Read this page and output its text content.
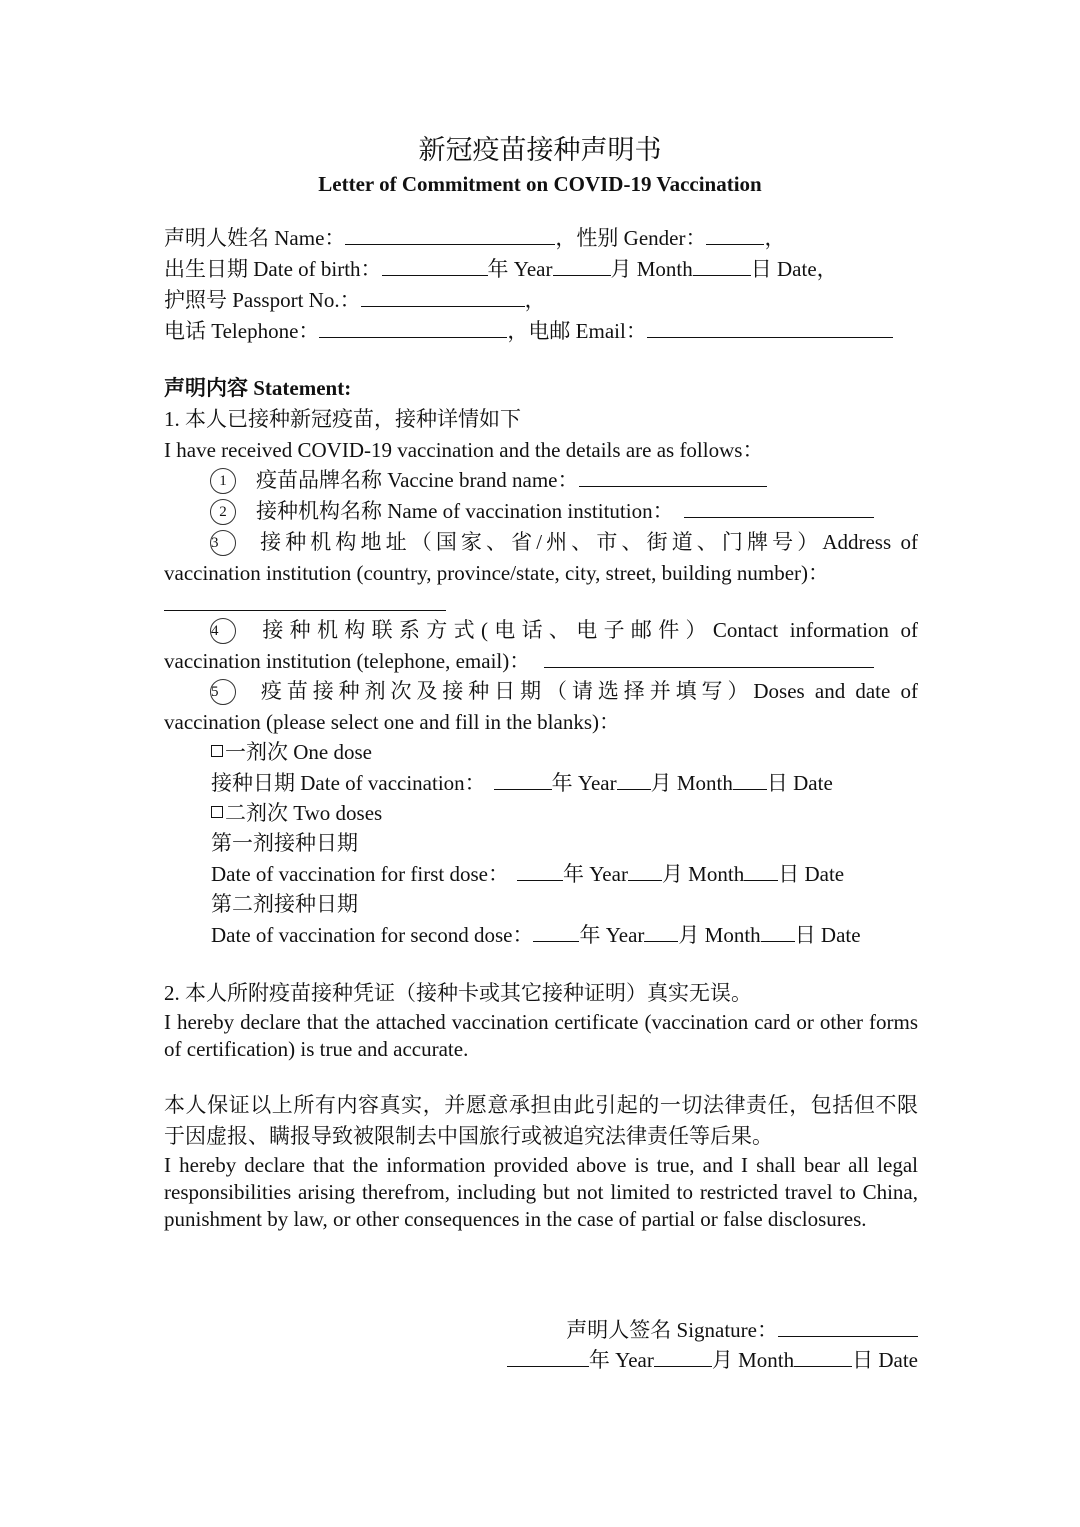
新冠疫苗接种声明书
Letter of Commitment on COVID-19 Vaccination
声明人姓名 Name：	，性别 Gender：	，
出生日期 Date of birth：	年 Year	月 Month	日 Date，
护照号 Passport No.：	，
电话 Telephone：	，电邮 Email：
声明内容 Statement:
1. 本人已接种新冠疫苗，接种详情如下
I have received COVID-19 vaccination and the details are as follows：
1 疫苗品牌名称 Vaccine brand name：
2 接种机构名称 Name of vaccination institution：
3 接种机构地址（国家、省/州、市、街道、门牌号）Address of
vaccination institution (country, province/state, city, street, building number)：
4 接种机构联系方式(电话、电子邮件）Contact information of
vaccination institution (telephone, email)：
5 疫苗接种剂次及接种日期（请选择并填写）Doses and date of
vaccination (please select one and fill in the blanks)：
一剂次 One dose
接种日期 Date of vaccination：	年 Year 月 Month 日 Date
二剂次 Two doses
第一剂接种日期
Date of vaccination for first dose：	年 Year 月 Month 日 Date
第二剂接种日期
Date of vaccination for second dose： 年 Year 月 Month 日 Date
2. 本人所附疫苗接种凭证（接种卡或其它接种证明）真实无误。
I hereby declare that the attached vaccination certificate (vaccination card or other forms of certification) is true and accurate.
本人保证以上所有内容真实，并愿意承担由此引起的一切法律责任，包括但不限于因虚报、瞒报导致被限制去中国旅行或被追究法律责任等后果。
I hereby declare that the information provided above is true, and I shall bear all legal responsibilities arising therefrom, including but not limited to restricted travel to China, punishment by law, or other consequences in the case of partial or false disclosures.
声明人签名 Signature：
年 Year	月 Month	日 Date
